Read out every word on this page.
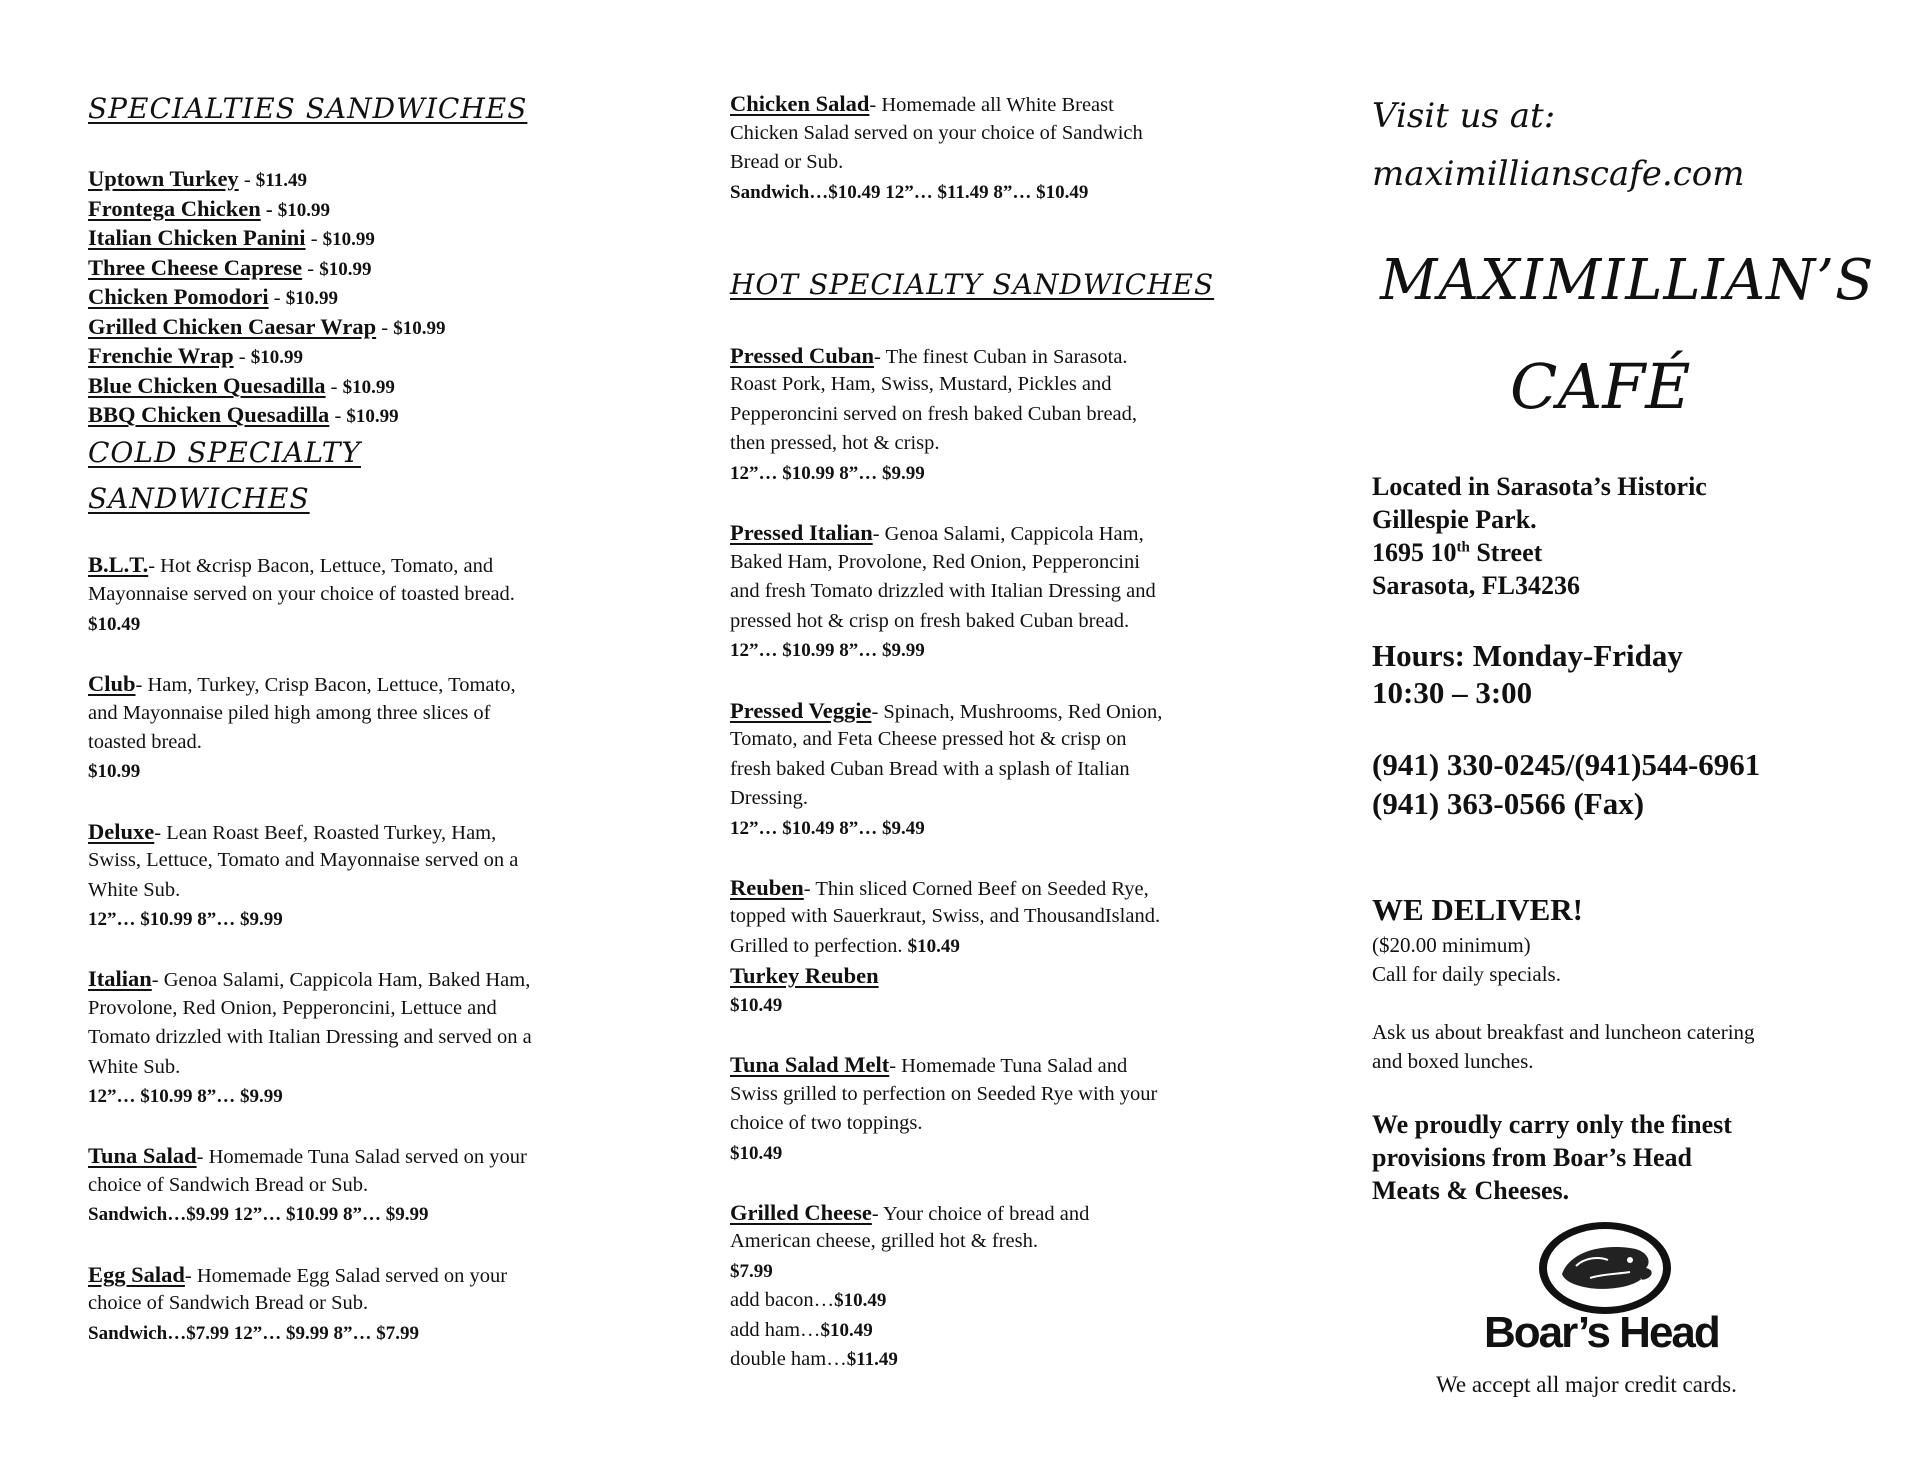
SPECIALTIES SANDWICHES
Uptown Turkey - $11.49
Frontega Chicken - $10.99
Italian Chicken Panini - $10.99
Three Cheese Caprese - $10.99
Chicken Pomodori - $10.99
Grilled Chicken Caesar Wrap - $10.99
Frenchie Wrap - $10.99
Blue Chicken Quesadilla - $10.99
BBQ Chicken Quesadilla - $10.99
COLD SPECIALTY
SANDWICHES
B.L.T.- Hot &crisp Bacon, Lettuce, Tomato, and
Mayonnaise served on your choice of toasted bread.
$10.49
Club- Ham, Turkey, Crisp Bacon, Lettuce, Tomato,
and Mayonnaise piled high among three slices of
toasted bread.
$10.99
Deluxe- Lean Roast Beef, Roasted Turkey, Ham,
Swiss, Lettuce, Tomato and Mayonnaise served on a
White Sub.
12”… $10.99 8”… $9.99
Italian- Genoa Salami, Cappicola Ham, Baked Ham,
Provolone, Red Onion, Pepperoncini, Lettuce and
Tomato drizzled with Italian Dressing and served on a
White Sub.
12”… $10.99 8”… $9.99
Tuna Salad- Homemade Tuna Salad served on your
choice of Sandwich Bread or Sub.
Sandwich…$9.99 12”… $10.99 8”… $9.99
Egg Salad- Homemade Egg Salad served on your
choice of Sandwich Bread or Sub.
Sandwich…$7.99 12”… $9.99 8”… $7.99
Chicken Salad- Homemade all White Breast
Chicken Salad served on your choice of Sandwich
Bread or Sub.
Sandwich…$10.49 12”… $11.49 8”… $10.49
HOT SPECIALTY SANDWICHES
Pressed Cuban- The finest Cuban in Sarasota.
Roast Pork, Ham, Swiss, Mustard, Pickles and
Pepperoncini served on fresh baked Cuban bread,
then pressed, hot & crisp.
12”… $10.99 8”… $9.99
Pressed Italian- Genoa Salami, Cappicola Ham,
Baked Ham, Provolone, Red Onion, Pepperoncini
and fresh Tomato drizzled with Italian Dressing and
pressed hot & crisp on fresh baked Cuban bread.
12”… $10.99 8”… $9.99
Pressed Veggie- Spinach, Mushrooms, Red Onion,
Tomato, and Feta Cheese pressed hot & crisp on
fresh baked Cuban Bread with a splash of Italian
Dressing.
12”… $10.49 8”… $9.49
Reuben- Thin sliced Corned Beef on Seeded Rye,
topped with Sauerkraut, Swiss, and ThousandIsland.
Grilled to perfection. $10.49
Turkey Reuben
$10.49
Tuna Salad Melt- Homemade Tuna Salad and
Swiss grilled to perfection on Seeded Rye with your
choice of two toppings.
$10.49
Grilled Cheese- Your choice of bread and
American cheese, grilled hot & fresh.
$7.99
add bacon…$10.49
add ham…$10.49
double ham…$11.49
Visit us at:
maximillianscafe.com
MAXIMILLIAN’S
CAFÉ
Located in Sarasota’s Historic
Gillespie Park.
1695 10th Street
Sarasota, FL34236
Hours: Monday-Friday
10:30 – 3:00
(941) 330-0245/(941)544-6961
(941) 363-0566 (Fax)
WE DELIVER!
($20.00 minimum)
Call for daily specials.
Ask us about breakfast and luncheon catering
and boxed lunches.
We proudly carry only the finest
provisions from Boar’s Head
Meats & Cheeses.
We accept all major credit cards.
Boar’s Head
